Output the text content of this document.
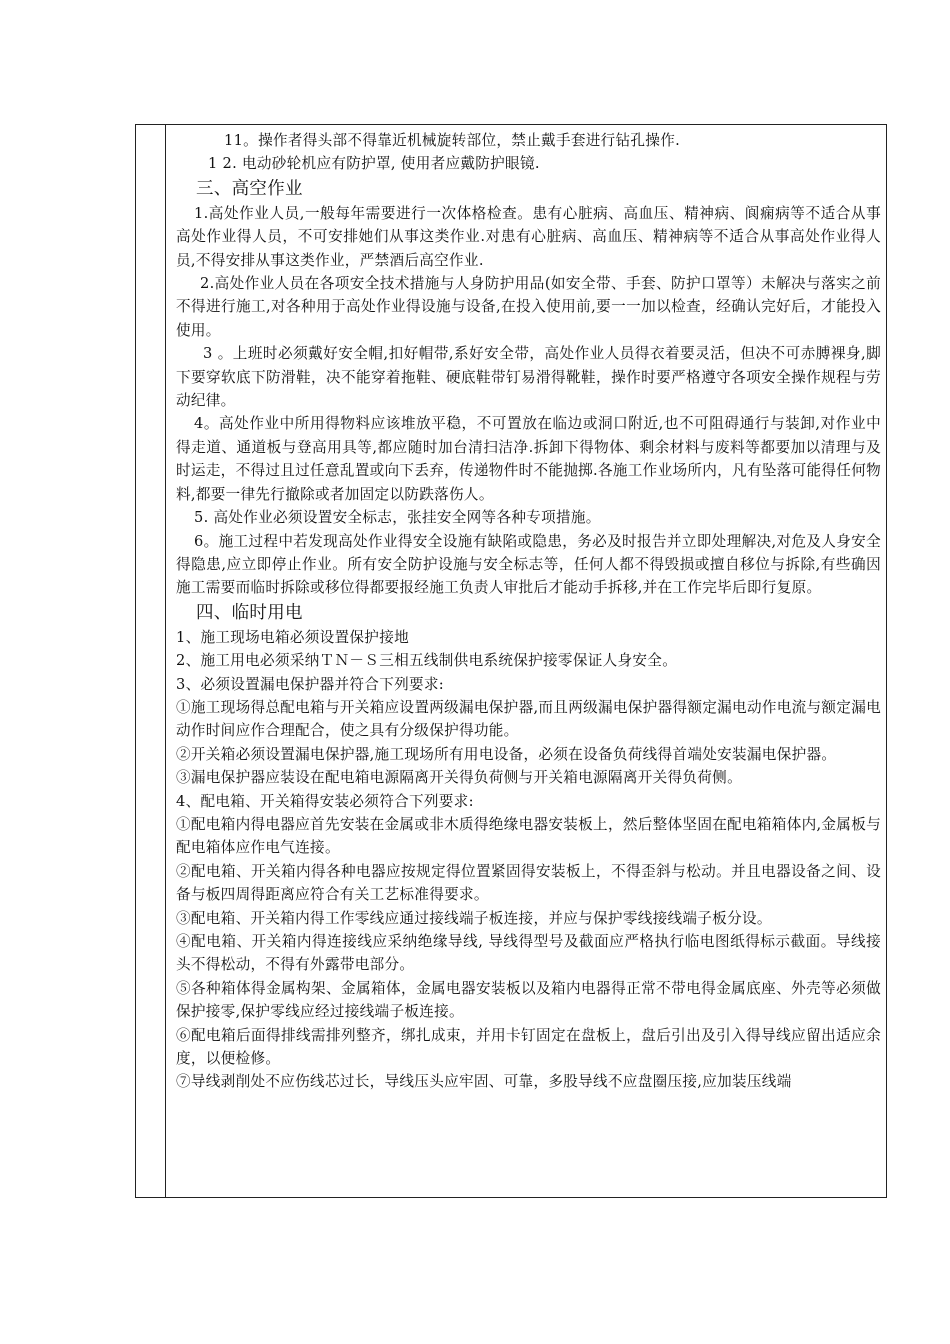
11。操作者得头部不得靠近机械旋转部位，禁止戴手套进行钻孔操作.

1 2. 电动砂轮机应有防护罩, 使用者应戴防护眼镜.

三、高空作业

1.高处作业人员,一般每年需要进行一次体格检查。患有心脏病、高血压、精神病、阆痫病等不适合从事高处作业得人员，不可安排她们从事这类作业.对患有心脏病、高血压、精神病等不适合从事高处作业得人员,不得安排从事这类作业，严禁酒后高空作业.

2.高处作业人员在各项安全技术措施与人身防护用品(如安全带、手套、防护口罩等）未解决与落实之前不得进行施工,对各种用于高处作业得设施与设备,在投入使用前,要一一加以检查，经确认完好后，才能投入使用。

3 。上班时必须戴好安全帽,扣好帽带,系好安全带，高处作业人员得衣着要灵活，但决不可赤膊裸身,脚下要穿软底下防滑鞋，决不能穿着拖鞋、硬底鞋带钉易滑得靴鞋，操作时要严格遵守各项安全操作规程与劳动纪律。

4。高处作业中所用得物料应该堆放平稳，不可置放在临边或洞口附近,也不可阻碍通行与装卸,对作业中得走道、通道板与登高用具等,都应随时加台清扫洁净.拆卸下得物体、剩余材料与废料等都要加以清理与及时运走，不得过且过任意乱置或向下丢弃，传递物件时不能抛掷.各施工作业场所内，凡有坠落可能得任何物料,都要一律先行撤除或者加固定以防跌落伤人。

5. 高处作业必须设置安全标志，张挂安全网等各种专项措施。

6。施工过程中若发现高处作业得安全设施有缺陷或隐患，务必及时报告并立即处理解决,对危及人身安全得隐患,应立即停止作业。所有安全防护设施与安全标志等，任何人都不得毁损或擅自移位与拆除,有些确因施工需要而临时拆除或移位得都要报经施工负责人审批后才能动手拆移,并在工作完毕后即行复原。

四、临时用电

1、施工现场电箱必须设置保护接地

2、施工用电必须采纳ＴＮ－Ｓ三相五线制供电系统保护接零保证人身安全。

3、必须设置漏电保护器并符合下列要求:

①施工现场得总配电箱与开关箱应设置两级漏电保护器,而且两级漏电保护器得额定漏电动作电流与额定漏电动作时间应作合理配合，使之具有分级保护得功能。

②开关箱必须设置漏电保护器,施工现场所有用电设备，必须在设备负荷线得首端处安装漏电保护器。

③漏电保护器应装设在配电箱电源隔离开关得负荷侧与开关箱电源隔离开关得负荷侧。

4、配电箱、开关箱得安装必须符合下列要求:

①配电箱内得电器应首先安装在金属或非木质得绝缘电器安装板上，然后整体坚固在配电箱箱体内,金属板与配电箱体应作电气连接。

②配电箱、开关箱内得各种电器应按规定得位置紧固得安装板上，不得歪斜与松动。并且电器设备之间、设备与板四周得距离应符合有关工艺标准得要求。

③配电箱、开关箱内得工作零线应通过接线端子板连接，并应与保护零线接线端子板分设。

④配电箱、开关箱内得连接线应采纳绝缘导线, 导线得型号及截面应严格执行临电图纸得标示截面。导线接头不得松动，不得有外露带电部分。

⑤各种箱体得金属构架、金属箱体，金属电器安装板以及箱内电器得正常不带电得金属底座、外壳等必须做保护接零,保护零线应经过接线端子板连接。

⑥配电箱后面得排线需排列整齐，绑扎成束，并用卡钉固定在盘板上，盘后引出及引入得导线应留出适应余度，以便检修。

⑦导线剥削处不应伤线芯过长，导线压头应牢固、可靠，多股导线不应盘圈压接,应加装压线端
